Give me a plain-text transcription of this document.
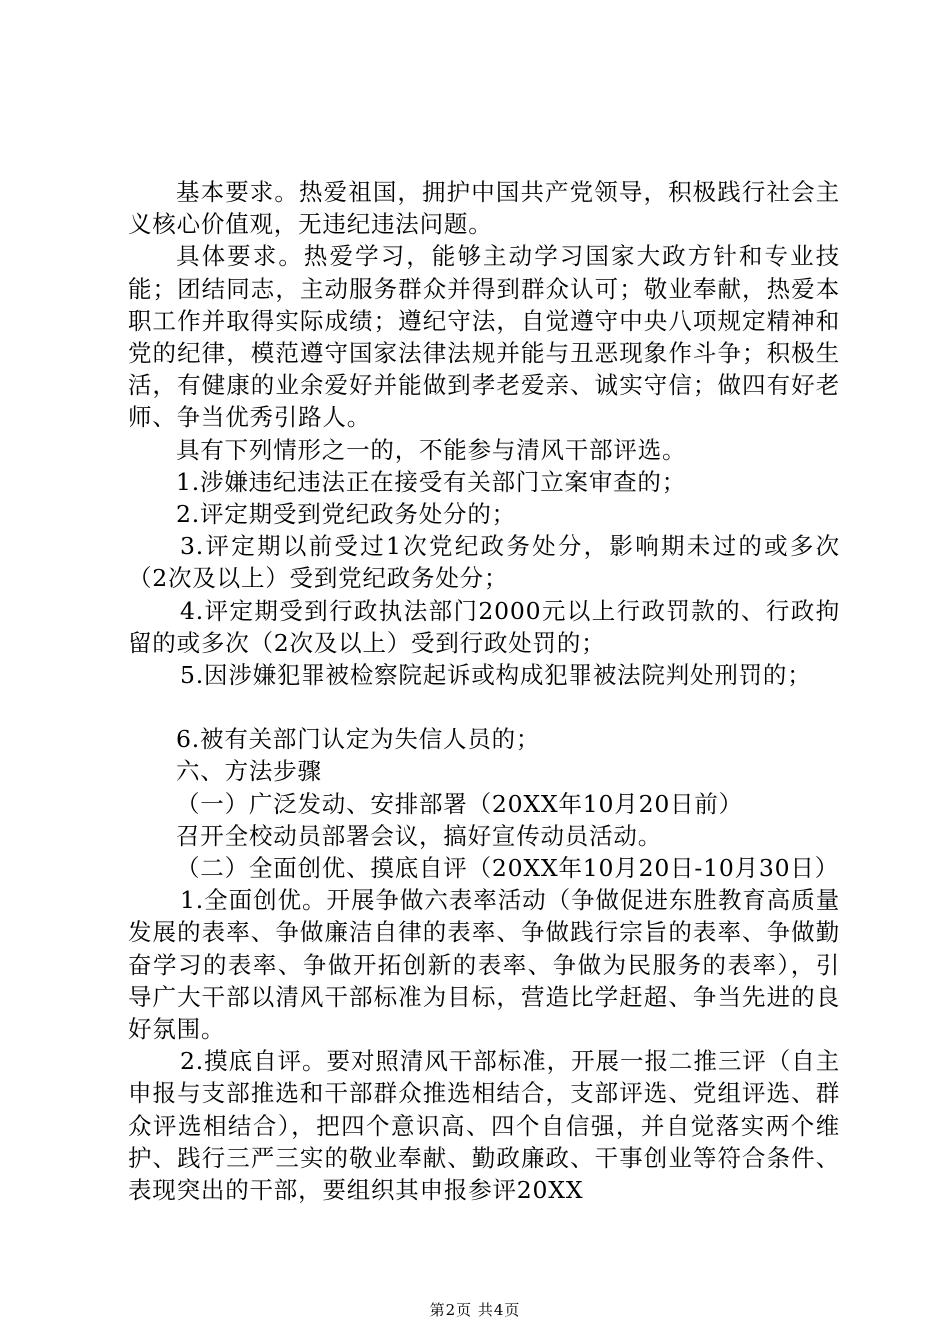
基本要求。热爱祖国，拥护中国共产党领导，积极践行社会主义核心价值观，无违纪违法问题。

具体要求。热爱学习，能够主动学习国家大政方针和专业技能；团结同志，主动服务群众并得到群众认可；敬业奉献，热爱本职工作并取得实际成绩；遵纪守法，自觉遵守中央八项规定精神和党的纪律，模范遵守国家法律法规并能与丑恶现象作斗争；积极生活，有健康的业余爱好并能做到孝老爱亲、诚实守信；做四有好老师、争当优秀引路人。

具有下列情形之一的，不能参与清风干部评选。

1.涉嫌违纪违法正在接受有关部门立案审查的；

2.评定期受到党纪政务处分的；

3.评定期以前受过1次党纪政务处分，影响期未过的或多次（2次及以上）受到党纪政务处分；

4.评定期受到行政执法部门2000元以上行政罚款的、行政拘留的或多次（2次及以上）受到行政处罚的；

5.因涉嫌犯罪被检察院起诉或构成犯罪被法院判处刑罚的；

6.被有关部门认定为失信人员的；

六、方法步骤

（一）广泛发动、安排部署（20XX年10月20日前）

召开全校动员部署会议，搞好宣传动员活动。

（二）全面创优、摸底自评（20XX年10月20日-10月30日）

1.全面创优。开展争做六表率活动（争做促进东胜教育高质量发展的表率、争做廉洁自律的表率、争做践行宗旨的表率、争做勤奋学习的表率、争做开拓创新的表率、争做为民服务的表率），引导广大干部以清风干部标准为目标，营造比学赶超、争当先进的良好氛围。

2.摸底自评。要对照清风干部标准，开展一报二推三评（自主申报与支部推选和干部群众推选相结合，支部评选、党组评选、群众评选相结合），把四个意识高、四个自信强，并自觉落实两个维护、践行三严三实的敬业奉献、勤政廉政、干事创业等符合条件、表现突出的干部，要组织其申报参评20XX

第2页 共4页
